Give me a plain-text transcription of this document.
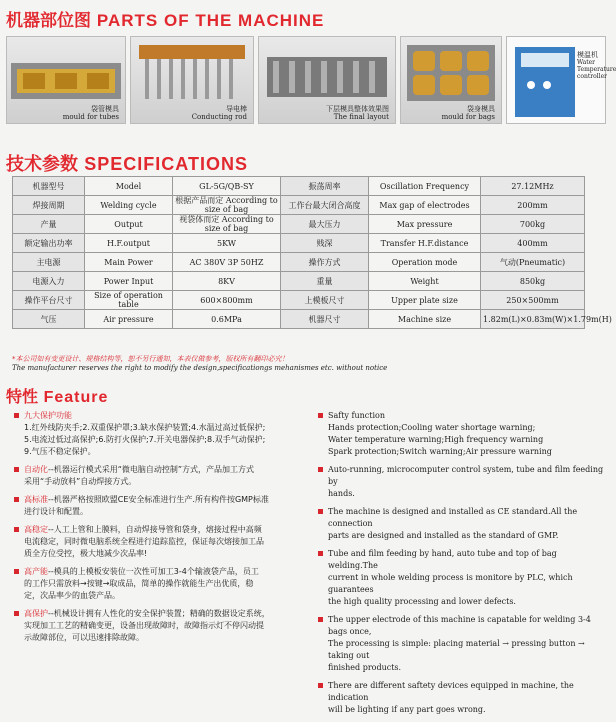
机器部位图 PARTS OF THE MACHINE
袋管模具
mould for tubes
导电棒
Conducting rod
下层模具整体效果图
The final layout
袋身模具
mould for bags
模温机
Water Temperature controller
技术参数 SPECIFICATIONS
机器型号	Model	GL-5G/QB-SY	振荡周率	Oscillation Frequency	27.12MHz
焊接周期	Welding cycle	根据产品而定 According to size of bag	工作台最大闭合高度	Max gap of electrodes	200mm
产量	Output	视袋体而定 According to size of bag	最大压力	Max pressure	700kg
额定输出功率	H.F.output	5KW	贱深	Transfer H.F.distance	400mm
主电源	Main Power	AC 380V 3P 50HZ	操作方式	Operation mode	气动(Pneumatic)
电源入力	Power Input	8KV	重量	Weight	850kg
操作平台尺寸	Size of operation table	600×800mm	上模板尺寸	Upper plate size	250×500mm
气压	Air pressure	0.6MPa	机器尺寸	Machine size	1.82m(L)×0.83m(W)×1.79m(H)
*本公司如有变更设计、规格结构等，恕不另行通知，本表仅做参考，版权所有翻印必究！
The manufacturer reserves the right to modify the design,specificationgs mehanismes etc. without notice
特性 Feature
九大保护功能
1.红外线防夹手;2.双重保护罩;3.缺水保护装置;4.水温过高过低保护;
5.电流过低过高保护;6.防打火保护;7.开关电器保护;8.双手气动保护;
9.气压不稳定保护。
自动化--机器运行模式采用“微电脑自动控制”方式，产品加工方式
采用“手动放料”自动焊接方式。
高标准--机器严格按照欧盟CE安全标准进行生产.所有构件按GMP标准
进行设计和配置。
高稳定--人工上管和上膜料，自动焊接导管和袋身，熔接过程中高频
电流稳定，同时微电脑系统全程进行追踪监控，保证每次熔接加工品
质全方位受控，极大地减少次品率!
高产能--模具的上模板安装位一次性可加工3-4个输液袋产品，员工
的工作只需放料→按键→取成品，简单的操作就能生产出优质，稳
定，次品率少的血袋产品。
高保护--机械设计拥有人性化的安全保护装置；精确的数据设定系统，
实现加工工艺的精确变更，设备出现故障时，故障指示灯不停闪动提
示故障部位，可以迅速排除故障。
Safty function
Hands protection;Cooling water shortage warning;
Water temperature warning;High frequency warning
Spark protection;Switch warning;Air pressure warning
Auto-running, microcomputer control system, tube and film feeding by
hands.
The machine is designed and installed as CE standard.All the connection
parts are designed and installed as the standard of GMP.
Tube and film feeding by hand, auto tube and top of bag welding.The
current in whole welding process is monitore by PLC, which guarantees
the high quality processing and lower defects.
The upper electrode of this machine is capatable for welding 3-4 bags once,
The processing is simple: placing material → pressing button → taking out
finished products.
There are different saftety devices equipped in machine, the indication
will be lighting if any part goes wrong.
